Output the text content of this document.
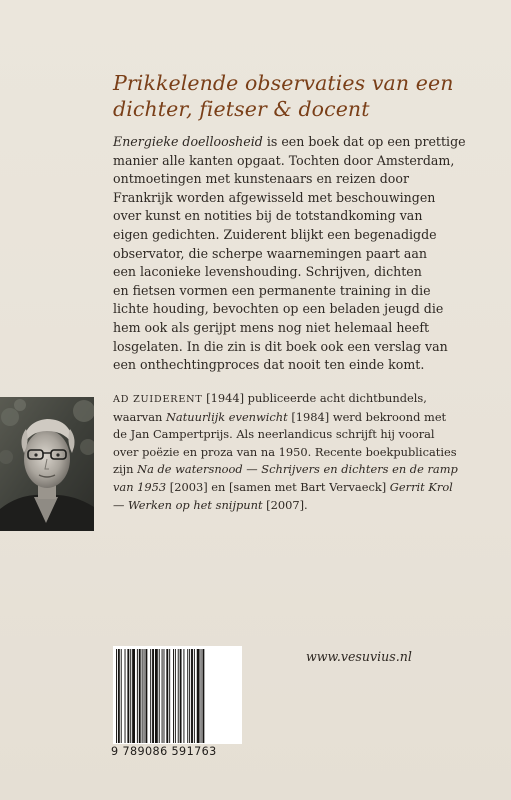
Prikkelende observaties van een
dichter, fietser & docent
Energieke doelloosheid is een boek dat op een prettige
manier alle kanten opgaat. Tochten door Amsterdam,
ontmoetingen met kunstenaars en reizen door
Frankrijk worden afgewisseld met beschouwingen
over kunst en notities bij de totstandkoming van
eigen gedichten. Zuiderent blijkt een begenadigde
observator, die scherpe waarnemingen paart aan
een laconieke levenshouding. Schrijven, dichten
en fietsen vormen een permanente training in die
lichte houding, bevochten op een beladen jeugd die
hem ook als gerijpt mens nog niet helemaal heeft
losgelaten. In die zin is dit boek ook een verslag van
een onthechtingproces dat nooit ten einde komt.
AD ZUIDERENT [1944] publiceerde acht dichtbundels,
waarvan Natuurlijk evenwicht [1984] werd bekroond met
de Jan Campertprijs. Als neerlandicus schrijft hij vooral
over poëzie en proza van na 1950. Recente boekpublicaties
zijn Na de watersnood — Schrijvers en dichters en de ramp
van 1953 [2003] en [samen met Bart Vervaeck] Gerrit Krol
— Werken op het snijpunt [2007].
9 789086 591763
www.vesuvius.nl
